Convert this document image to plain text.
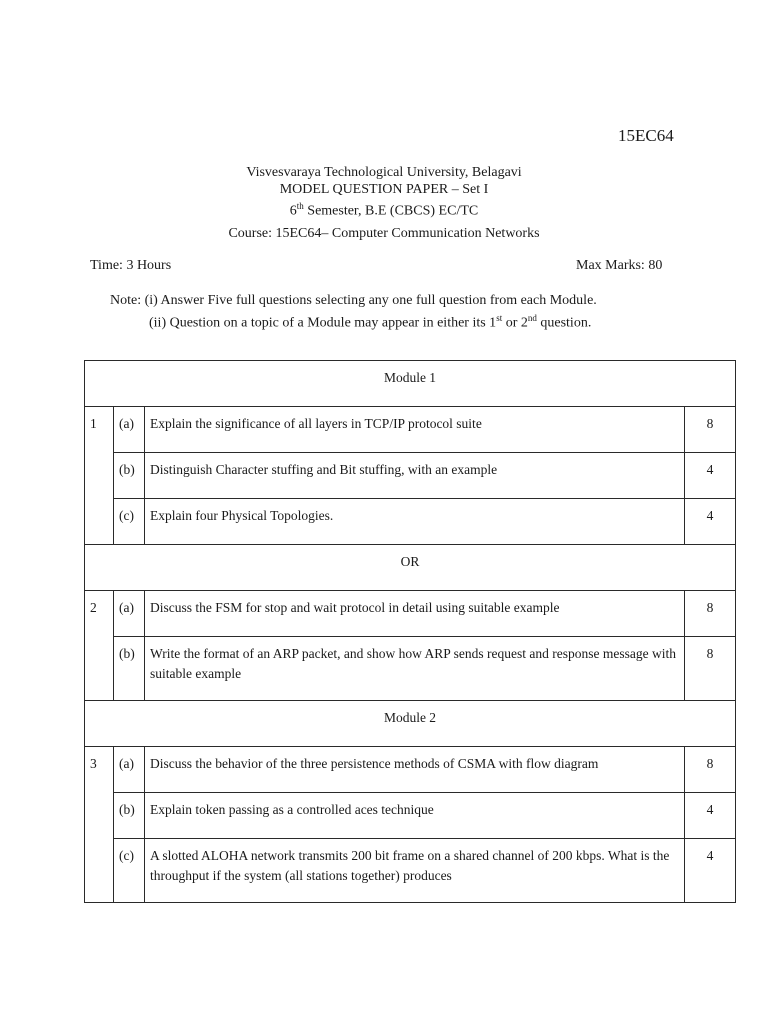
15EC64
Visvesvaraya Technological University, Belagavi
MODEL QUESTION PAPER – Set I
6th Semester, B.E (CBCS) EC/TC
Course: 15EC64– Computer Communication Networks
Time: 3 Hours	Max Marks: 80
Note: (i) Answer Five full questions selecting any one full question from each Module.
(ii) Question on a topic of a Module may appear in either its 1st or 2nd question.
Module 1			
1	(a)	Explain the significance of all layers in TCP/IP protocol suite	8
	(b)	Distinguish Character stuffing and Bit stuffing, with an example	4
	(c)	Explain four Physical Topologies.	4
OR			
2	(a)	Discuss the FSM for stop and wait protocol in detail using suitable example	8
	(b)	Write the format of an ARP packet, and show how ARP sends request and response message with suitable example	8
Module 2			
3	(a)	Discuss the behavior of the three persistence methods of CSMA with flow diagram	8
	(b)	Explain token passing as a controlled aces technique	4
	(c)	A slotted ALOHA network transmits 200 bit frame on a shared channel of 200 kbps. What is the throughput if the system (all stations together) produces	4
